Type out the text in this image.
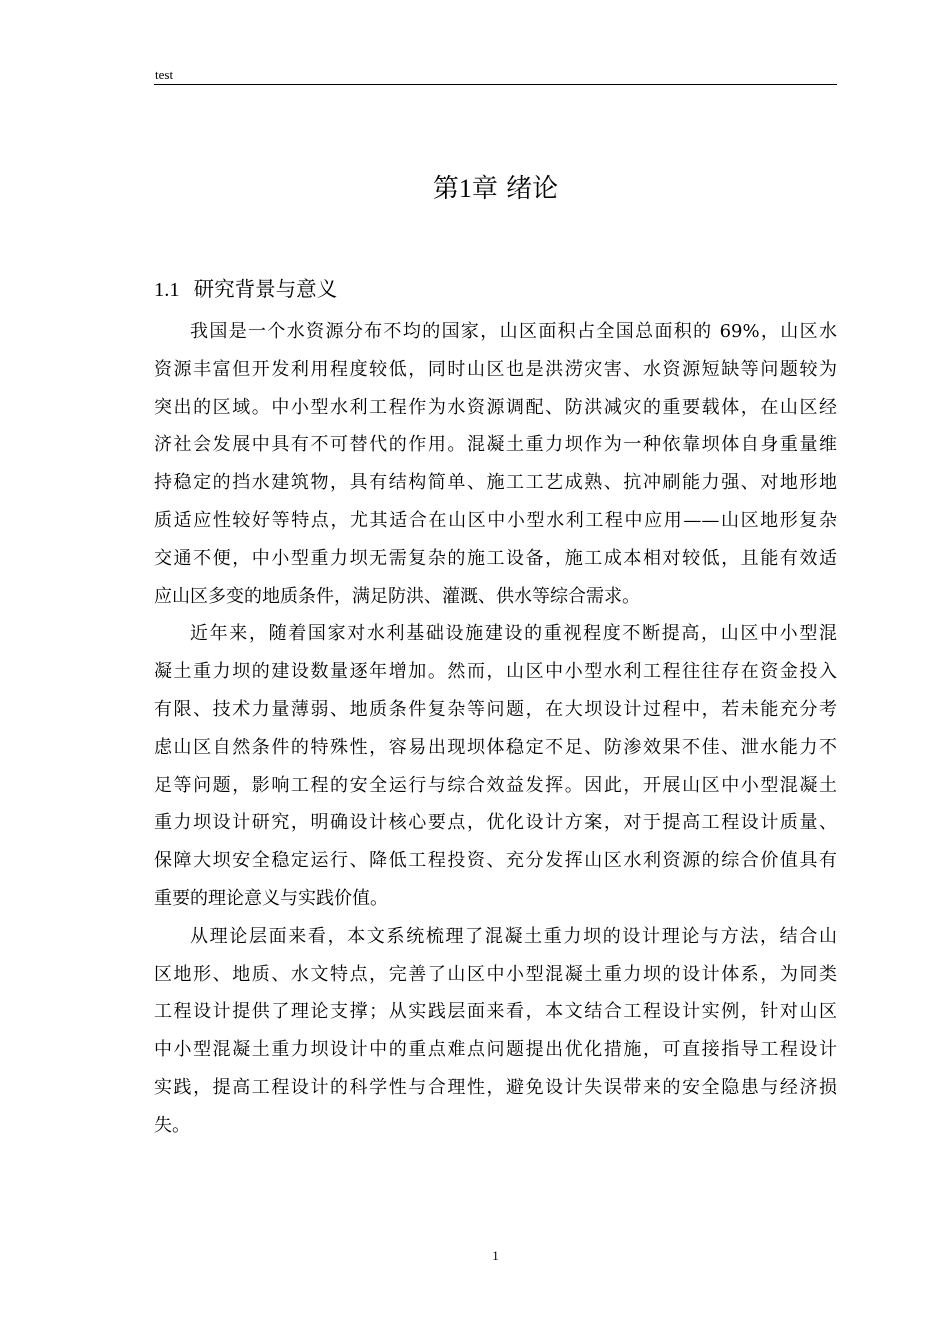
test
第1章 绪论
1.1 研究背景与意义
我国是一个水资源分布不均的国家，山区面积占全国总面积的 69%，山区水
资源丰富但开发利用程度较低，同时山区也是洪涝灾害、水资源短缺等问题较为
突出的区域。中小型水利工程作为水资源调配、防洪减灾的重要载体，在山区经
济社会发展中具有不可替代的作用。混凝土重力坝作为一种依靠坝体自身重量维
持稳定的挡水建筑物，具有结构简单、施工工艺成熟、抗冲刷能力强、对地形地
质适应性较好等特点，尤其适合在山区中小型水利工程中应用——山区地形复杂
交通不便，中小型重力坝无需复杂的施工设备，施工成本相对较低，且能有效适
应山区多变的地质条件，满足防洪、灌溉、供水等综合需求。
近年来，随着国家对水利基础设施建设的重视程度不断提高，山区中小型混
凝土重力坝的建设数量逐年增加。然而，山区中小型水利工程往往存在资金投入
有限、技术力量薄弱、地质条件复杂等问题，在大坝设计过程中，若未能充分考
虑山区自然条件的特殊性，容易出现坝体稳定不足、防渗效果不佳、泄水能力不
足等问题，影响工程的安全运行与综合效益发挥。因此，开展山区中小型混凝土
重力坝设计研究，明确设计核心要点，优化设计方案，对于提高工程设计质量、
保障大坝安全稳定运行、降低工程投资、充分发挥山区水利资源的综合价值具有
重要的理论意义与实践价值。
从理论层面来看，本文系统梳理了混凝土重力坝的设计理论与方法，结合山
区地形、地质、水文特点，完善了山区中小型混凝土重力坝的设计体系，为同类
工程设计提供了理论支撑；从实践层面来看，本文结合工程设计实例，针对山区
中小型混凝土重力坝设计中的重点难点问题提出优化措施，可直接指导工程设计
实践，提高工程设计的科学性与合理性，避免设计失误带来的安全隐患与经济损
失。
1
